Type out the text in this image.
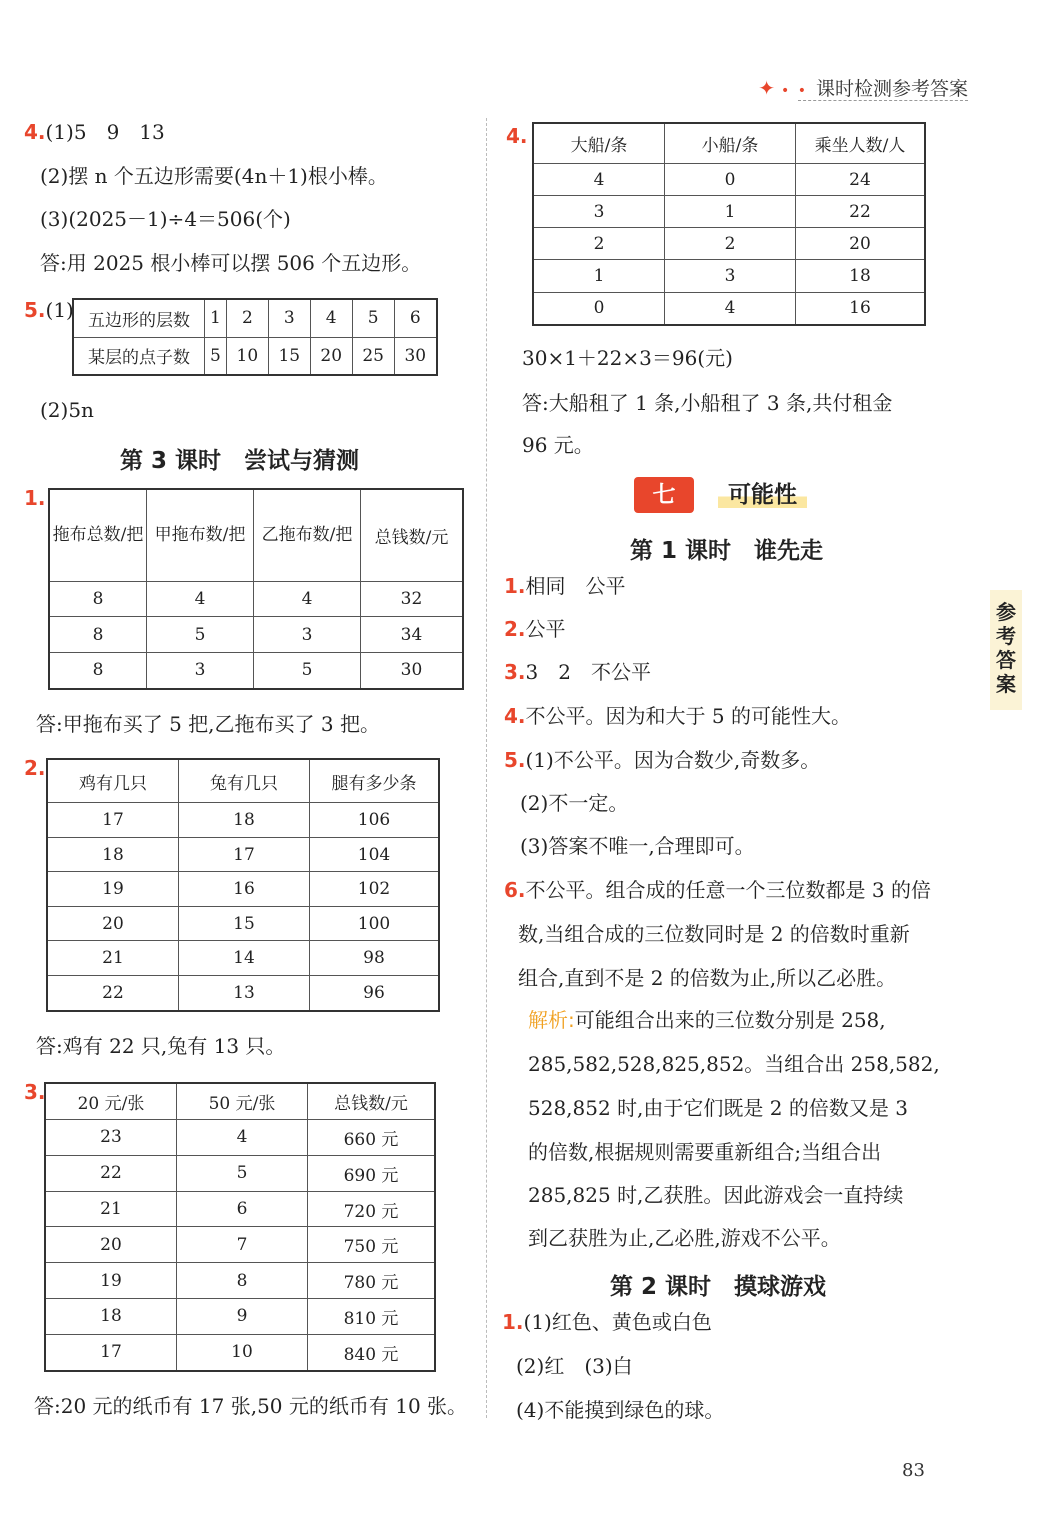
✦ • • 课时检测参考答案
参考答案
4.(1)5　9　13
(2)摆 n 个五边形需要(4n＋1)根小棒。
(3)(2025－1)÷4＝506(个)
答:用 2025 根小棒可以摆 506 个五边形。
5.(1) 五边形的层数	1	2	3	4	5	6
某层的点子数	5	10	15	20	25	30
(2)5n
第 3 课时　尝试与猜测
1.
拖布总数/把	甲拖布数/把	乙拖布数/把	总钱数/元
8	4	4	32
8	5	3	34
8	3	5	30
答:甲拖布买了 5 把,乙拖布买了 3 把。
2.
鸡有几只	兔有几只	腿有多少条
17	18	106
18	17	104
19	16	102
20	15	100
21	14	98
22	13	96
答:鸡有 22 只,兔有 13 只。
3. 20 元/张	50 元/张	总钱数/元
23	4	660 元
22	5	690 元
21	6	720 元
20	7	750 元
19	8	780 元
18	9	810 元
17	10	840 元
答:20 元的纸币有 17 张,50 元的纸币有 10 张。
4.	大船/条	小船/条	乘坐人数/人
4	0	24
3	1	22
2	2	20
1	3	18
0	4	16
30×1＋22×3＝96(元)
答:大船租了 1 条,小船租了 3 条,共付租金
96 元。
七 可能性
第 1 课时　谁先走
1.相同　公平
2.公平
3.3　2　不公平
4.不公平。因为和大于 5 的可能性大。
5.(1)不公平。因为合数少,奇数多。
(2)不一定。
(3)答案不唯一,合理即可。
6.不公平。组合成的任意一个三位数都是 3 的倍
数,当组合成的三位数同时是 2 的倍数时重新
组合,直到不是 2 的倍数为止,所以乙必胜。
解析:可能组合出来的三位数分别是 258,
285,582,528,825,852。当组合出 258,582,
528,852 时,由于它们既是 2 的倍数又是 3
的倍数,根据规则需要重新组合;当组合出
285,825 时,乙获胜。因此游戏会一直持续
到乙获胜为止,乙必胜,游戏不公平。
第 2 课时　摸球游戏
1.(1)红色、黄色或白色
(2)红　(3)白
(4)不能摸到绿色的球。
83
